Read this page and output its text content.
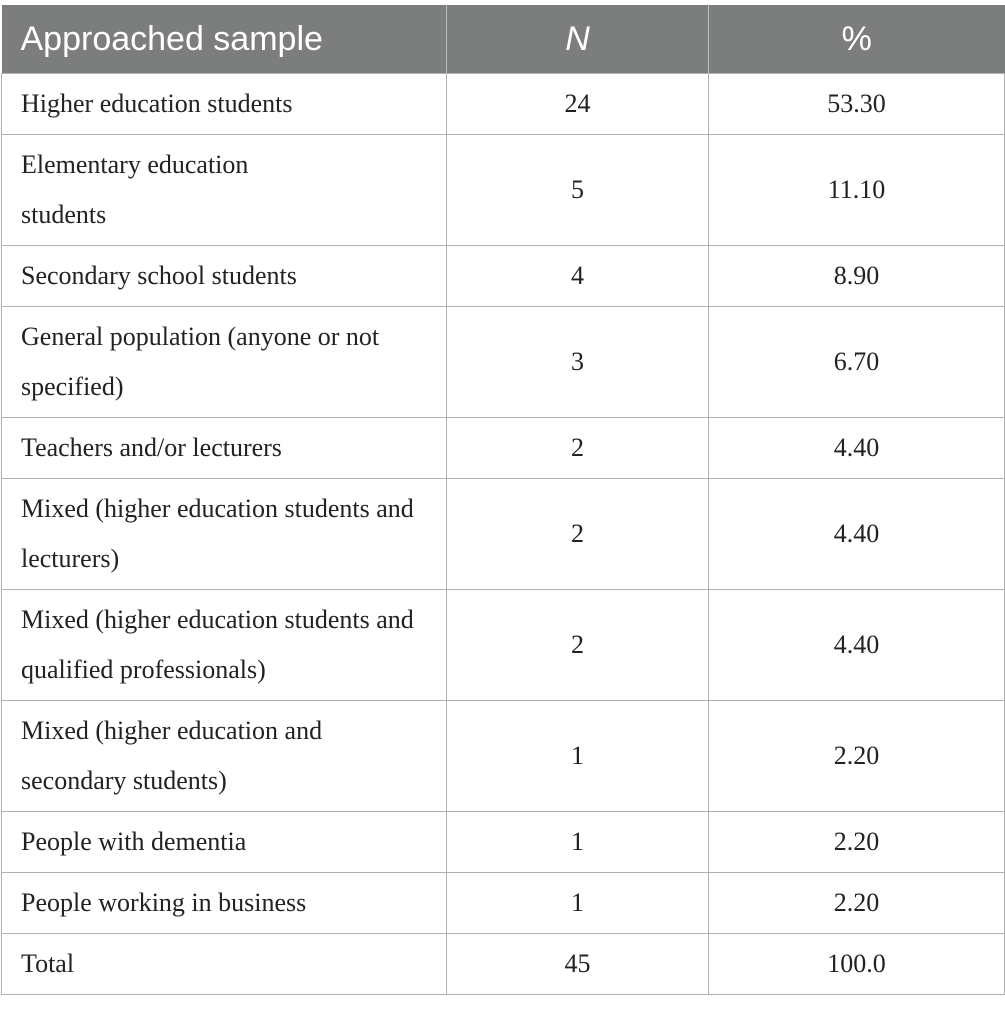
Approached sample	N	%
Higher education students	24	53.30
Elementary education students	5	11.10
Secondary school students	4	8.90
General population (anyone or not specified)	3	6.70
Teachers and/or lecturers	2	4.40
Mixed (higher education students and lecturers)	2	4.40
Mixed (higher education students and qualified professionals)	2	4.40
Mixed (higher education and secondary students)	1	2.20
People with dementia	1	2.20
People working in business	1	2.20
Total	45	100.0
